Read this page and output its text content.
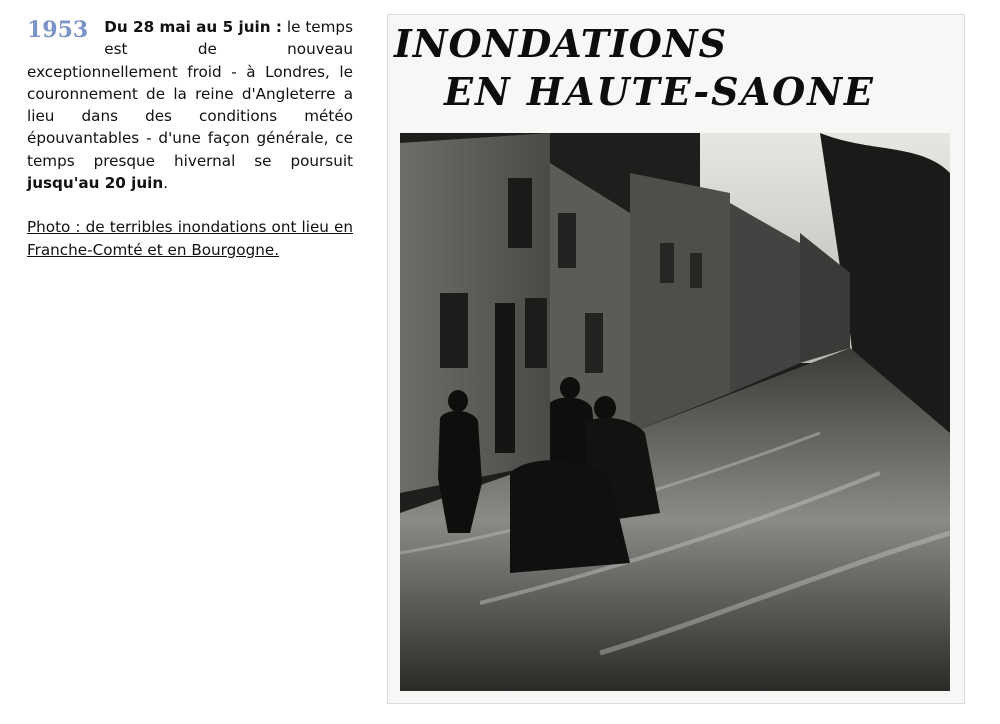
1953 Du 28 mai au 5 juin : le temps est de nouveau exceptionnellement froid - à Londres, le couronnement de la reine d'Angleterre a lieu dans des conditions météo épouvantables - d'une façon générale, ce temps presque hivernal se poursuit jusqu'au 20 juin.
Photo : de terribles inondations ont lieu en Franche-Comté et en Bourgogne.
INONDATIONS
EN HAUTE-SAONE
